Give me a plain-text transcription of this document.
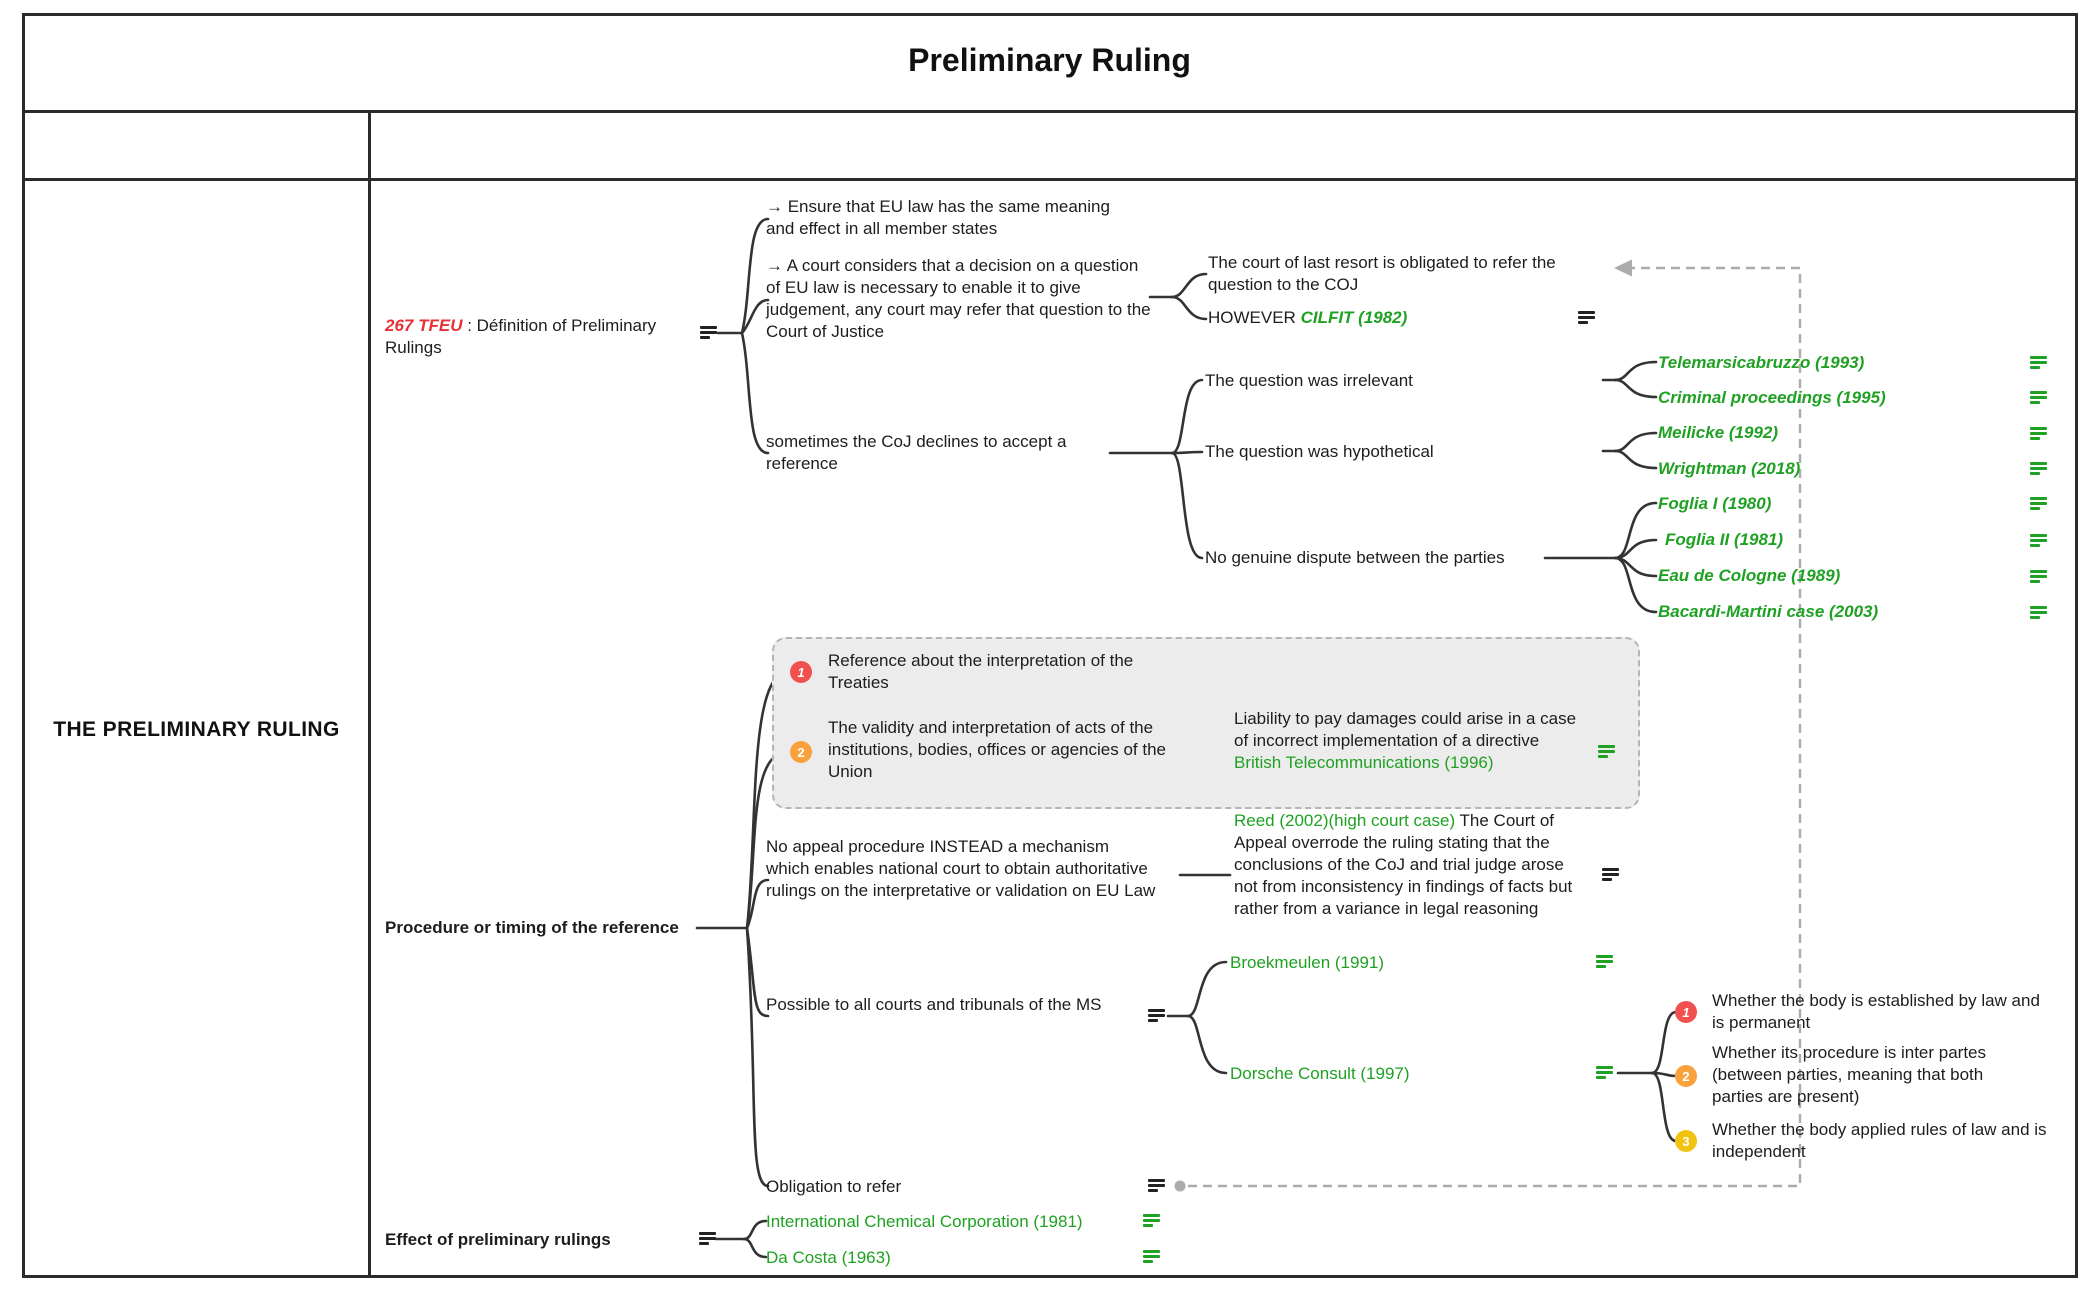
Preliminary Ruling
THE PRELIMINARY RULING
267 TFEU : Définition of Preliminary Rulings
→ Ensure that EU law has the same meaning and effect in all member states
→ A court considers that a decision on a question of EU law is necessary to enable it to give judgement, any court may refer that question to the Court of Justice
The court of last resort is obligated to refer the question to the COJ
HOWEVER CILFIT (1982)
sometimes the CoJ declines to accept a reference
The question was irrelevant
The question was hypothetical
No genuine dispute between the parties
Telemarsicabruzzo (1993)
Criminal proceedings (1995)
Meilicke (1992)
Wrightman (2018)
Foglia I (1980)
Foglia II (1981)
Eau de Cologne (1989)
Bacardi-Martini case (2003)
1
Reference about the interpretation of the Treaties
2
The validity and interpretation of acts of the institutions, bodies, offices or agencies of the Union
Liability to pay damages could arise in a case of incorrect implementation of a directive British Telecommunications (1996)
Procedure or timing of the reference
No appeal procedure INSTEAD a mechanism which enables national court to obtain authoritative rulings on the interpretative or validation on EU Law
Reed (2002)(high court case) The Court of Appeal overrode the ruling stating that the conclusions of the CoJ and trial judge arose not from inconsistency in findings of facts but rather from a variance in legal reasoning
Possible to all courts and tribunals of the MS
Broekmeulen (1991)
Dorsche Consult (1997)
1
Whether the body is established by law and is permanent
2
Whether its procedure is inter partes (between parties, meaning that both parties are present)
3
Whether the body applied rules of law and is independent
Obligation to refer
Effect of preliminary rulings
International Chemical Corporation (1981)
Da Costa (1963)
